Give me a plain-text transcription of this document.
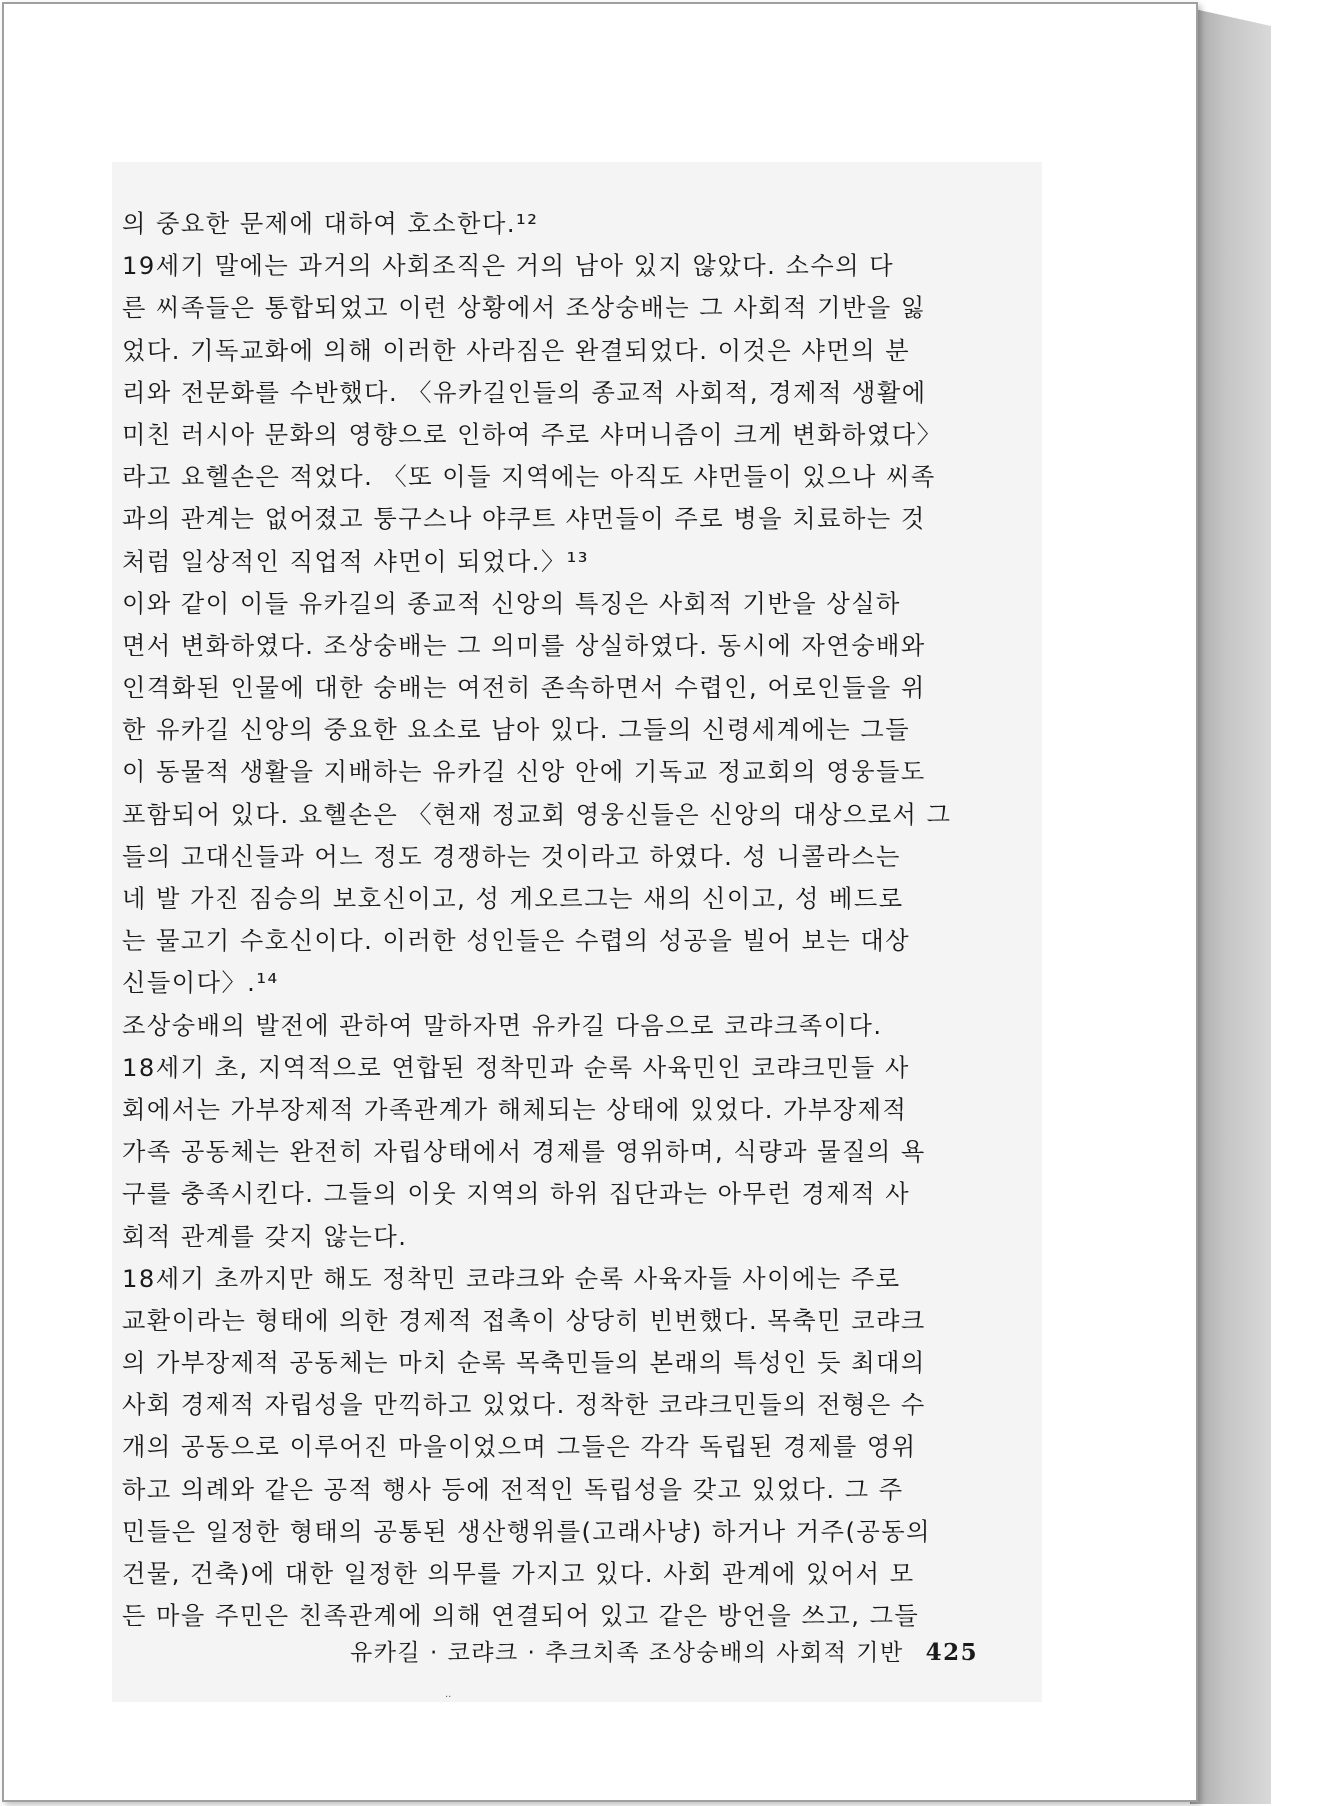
의 중요한 문제에 대하여 호소한다.¹²
19세기 말에는 과거의 사회조직은 거의 남아 있지 않았다. 소수의 다
른 씨족들은 통합되었고 이런 상황에서 조상숭배는 그 사회적 기반을 잃
었다. 기독교화에 의해 이러한 사라짐은 완결되었다. 이것은 샤먼의 분
리와 전문화를 수반했다. 〈유카길인들의 종교적 사회적, 경제적 생활에
미친 러시아 문화의 영향으로 인하여 주로 샤머니즘이 크게 변화하였다〉
라고 요헬손은 적었다. 〈또 이들 지역에는 아직도 샤먼들이 있으나 씨족
과의 관계는 없어졌고 퉁구스나 야쿠트 샤먼들이 주로 병을 치료하는 것
처럼 일상적인 직업적 샤먼이 되었다.〉¹³
이와 같이 이들 유카길의 종교적 신앙의 특징은 사회적 기반을 상실하
면서 변화하였다. 조상숭배는 그 의미를 상실하였다. 동시에 자연숭배와
인격화된 인물에 대한 숭배는 여전히 존속하면서 수렵인, 어로인들을 위
한 유카길 신앙의 중요한 요소로 남아 있다. 그들의 신령세계에는 그들
이 동물적 생활을 지배하는 유카길 신앙 안에 기독교 정교회의 영웅들도
포함되어 있다. 요헬손은 〈현재 정교회 영웅신들은 신앙의 대상으로서 그
들의 고대신들과 어느 정도 경쟁하는 것이라고 하였다. 성 니콜라스는
네 발 가진 짐승의 보호신이고, 성 게오르그는 새의 신이고, 성 베드로
는 물고기 수호신이다. 이러한 성인들은 수렵의 성공을 빌어 보는 대상
신들이다〉.¹⁴
조상숭배의 발전에 관하여 말하자면 유카길 다음으로 코랴크족이다.
18세기 초, 지역적으로 연합된 정착민과 순록 사육민인 코랴크민들 사
회에서는 가부장제적 가족관계가 해체되는 상태에 있었다. 가부장제적
가족 공동체는 완전히 자립상태에서 경제를 영위하며, 식량과 물질의 욕
구를 충족시킨다. 그들의 이웃 지역의 하위 집단과는 아무런 경제적 사
회적 관계를 갖지 않는다.
18세기 초까지만 해도 정착민 코랴크와 순록 사육자들 사이에는 주로
교환이라는 형태에 의한 경제적 접촉이 상당히 빈번했다. 목축민 코랴크
의 가부장제적 공동체는 마치 순록 목축민들의 본래의 특성인 듯 최대의
사회 경제적 자립성을 만끽하고 있었다. 정착한 코랴크민들의 전형은 수
개의 공동으로 이루어진 마을이었으며 그들은 각각 독립된 경제를 영위
하고 의례와 같은 공적 행사 등에 전적인 독립성을 갖고 있었다. 그 주
민들은 일정한 형태의 공통된 생산행위를(고래사냥) 하거나 거주(공동의
건물, 건축)에 대한 일정한 의무를 가지고 있다. 사회 관계에 있어서 모
든 마을 주민은 친족관계에 의해 연결되어 있고 같은 방언을 쓰고, 그들
유카길 · 코랴크 · 추크치족 조상숭배의 사회적 기반 425
··
